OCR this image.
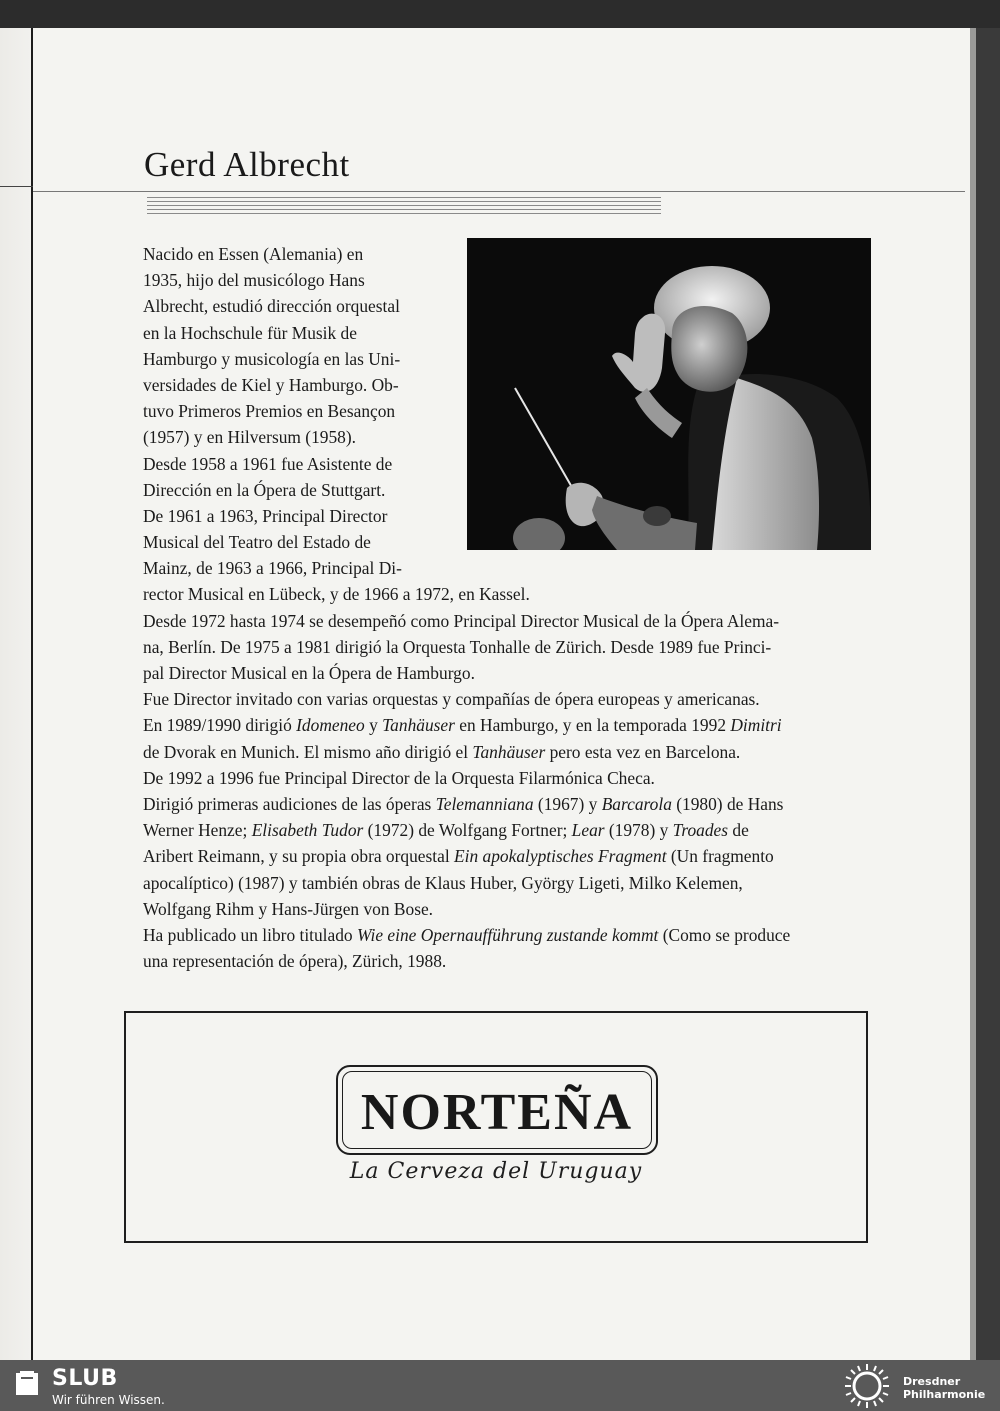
Gerd Albrecht
Nacido en Essen (Alemania) en
1935, hijo del musicólogo Hans
Albrecht, estudió dirección orquestal
en la Hochschule für Musik de
Hamburgo y musicología en las Uni-
versidades de Kiel y Hamburgo. Ob-
tuvo Primeros Premios en Besançon
(1957) y en Hilversum (1958).
Desde 1958 a 1961 fue Asistente de
Dirección en la Ópera de Stuttgart.
De 1961 a 1963, Principal Director
Musical del Teatro del Estado de
Mainz, de 1963 a 1966, Principal Di-
rector Musical en Lübeck, y de 1966 a 1972, en Kassel.
Desde 1972 hasta 1974 se desempeñó como Principal Director Musical de la Ópera Alema-
na, Berlín. De 1975 a 1981 dirigió la Orquesta Tonhalle de Zürich. Desde 1989 fue Princi-
pal Director Musical en la Ópera de Hamburgo.
Fue Director invitado con varias orquestas y compañías de ópera europeas y americanas.
En 1989/1990 dirigió Idomeneo y Tanhäuser en Hamburgo, y en la temporada 1992 Dimitri
de Dvorak en Munich. El mismo año dirigió el Tanhäuser pero esta vez en Barcelona.
De 1992 a 1996 fue Principal Director de la Orquesta Filarmónica Checa.
Dirigió primeras audiciones de las óperas Telemanniana (1967) y Barcarola (1980) de Hans
Werner Henze; Elisabeth Tudor (1972) de Wolfgang Fortner; Lear (1978) y Troades de
Aribert Reimann, y su propia obra orquestal Ein apokalyptisches Fragment (Un fragmento
apocalíptico) (1987) y también obras de Klaus Huber, György Ligeti, Milko Kelemen,
Wolfgang Rihm y Hans-Jürgen von Bose.
Ha publicado un libro titulado Wie eine Opernaufführung zustande kommt (Como se produce
una representación de ópera), Zürich, 1988.
NORTEÑA
La Cerveza del Uruguay
SLUB
Wir führen Wissen.
Dresdner
Philharmonie
